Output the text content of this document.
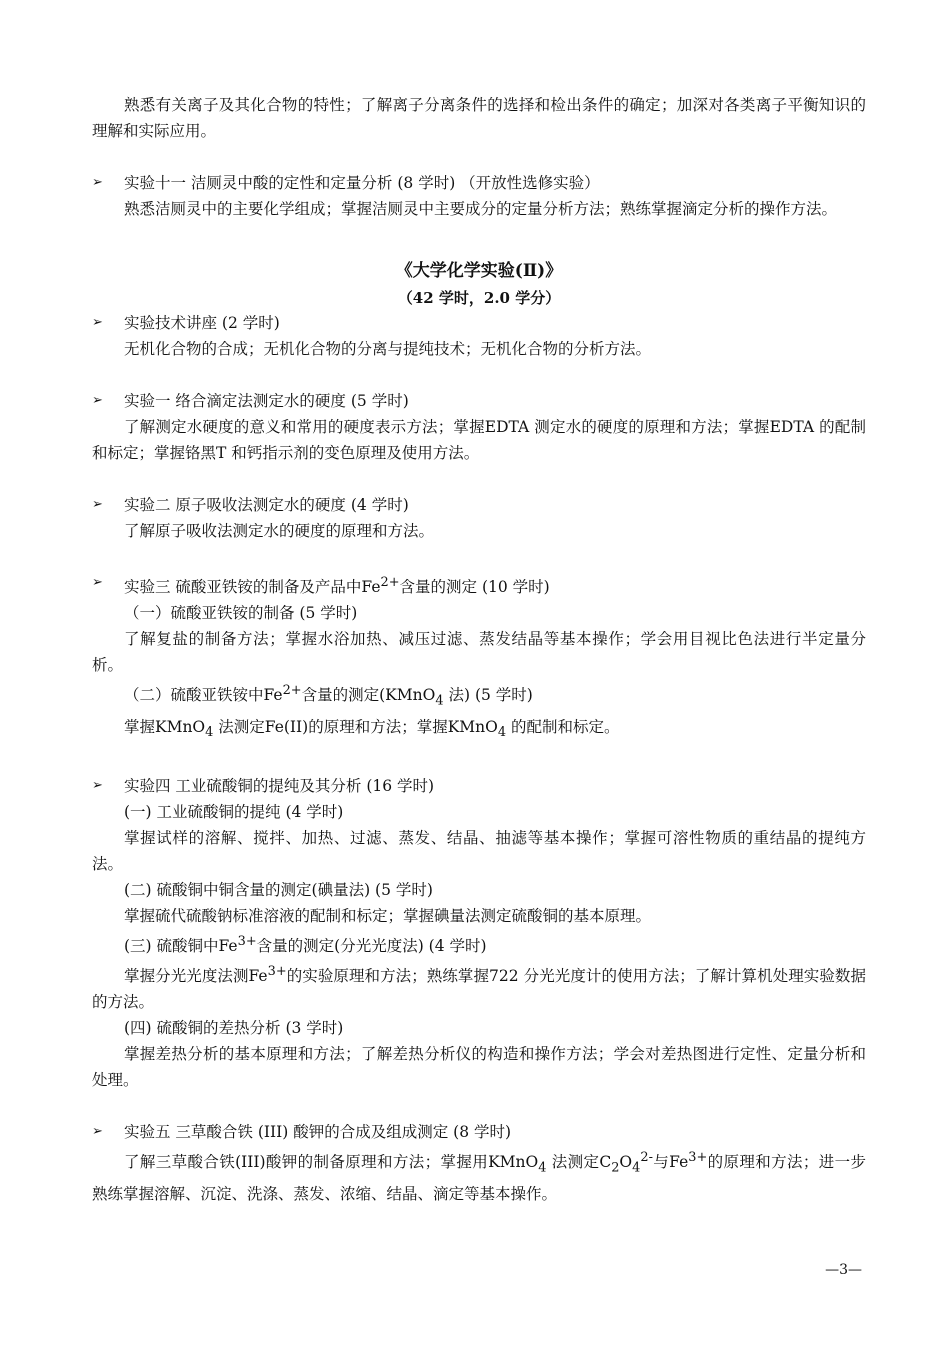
熟悉有关离子及其化合物的特性；了解离子分离条件的选择和检出条件的确定；加深对各类离子平衡知识的理解和实际应用。

➢	实验十一 洁厕灵中酸的定性和定量分析 (8 学时) （开放性选修实验）

熟悉洁厕灵中的主要化学组成；掌握洁厕灵中主要成分的定量分析方法；熟练掌握滴定分析的操作方法。

《大学化学实验(Ⅱ)》
（42 学时，2.0 学分）
➢	实验技术讲座 (2 学时)

无机化合物的合成；无机化合物的分离与提纯技术；无机化合物的分析方法。

➢	实验一 络合滴定法测定水的硬度 (5 学时)

了解测定水硬度的意义和常用的硬度表示方法；掌握EDTA 测定水的硬度的原理和方法；掌握EDTA 的配制和标定；掌握铬黑T 和钙指示剂的变色原理及使用方法。

➢	实验二 原子吸收法测定水的硬度 (4 学时)

了解原子吸收法测定水的硬度的原理和方法。

➢	实验三 硫酸亚铁铵的制备及产品中$Fe^{2+}$含量的测定 (10 学时)

（一）硫酸亚铁铵的制备 (5 学时)

了解复盐的制备方法；掌握水浴加热、减压过滤、蒸发结晶等基本操作；学会用目视比色法进行半定量分析。

（二）硫酸亚铁铵中$Fe^{2+}$含量的测定(KMnO$_4$ 法) (5 学时)

掌握KMnO$_4$ 法测定Fe(II)的原理和方法；掌握KMnO$_4$ 的配制和标定。

➢	实验四 工业硫酸铜的提纯及其分析 (16 学时)

(一) 工业硫酸铜的提纯 (4 学时)

掌握试样的溶解、搅拌、加热、过滤、蒸发、结晶、抽滤等基本操作；掌握可溶性物质的重结晶的提纯方法。

(二) 硫酸铜中铜含量的测定(碘量法) (5 学时)

掌握硫代硫酸钠标准溶液的配制和标定；掌握碘量法测定硫酸铜的基本原理。

(三) 硫酸铜中$Fe^{3+}$含量的测定(分光光度法) (4 学时)

掌握分光光度法测$Fe^{3+}$的实验原理和方法；熟练掌握722 分光光度计的使用方法；了解计算机处理实验数据的方法。

(四) 硫酸铜的差热分析 (3 学时)

掌握差热分析的基本原理和方法；了解差热分析仪的构造和操作方法；学会对差热图进行定性、定量分析和处理。

➢	实验五 三草酸合铁 (III) 酸钾的合成及组成测定 (8 学时)

了解三草酸合铁(III)酸钾的制备原理和方法；掌握用KMnO$_4$ 法测定$C_2O_4^{2-}$与$Fe^{3+}$的原理和方法；进一步熟练掌握溶解、沉淀、洗涤、蒸发、浓缩、结晶、滴定等基本操作。

—3—
